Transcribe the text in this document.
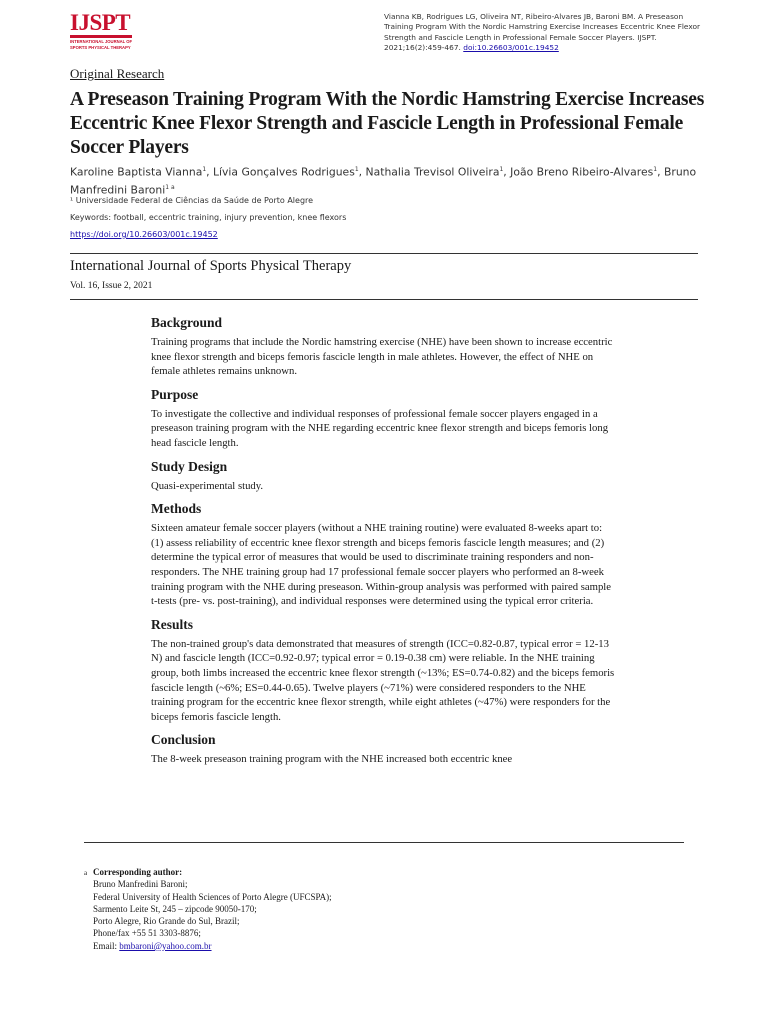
IJSPT
INTERNATIONAL JOURNAL OF
SPORTS PHYSICAL THERAPY
Vianna KB, Rodrigues LG, Oliveira NT, Ribeiro-Alvares JB, Baroni BM. A Preseason Training Program With the Nordic Hamstring Exercise Increases Eccentric Knee Flexor Strength and Fascicle Length in Professional Female Soccer Players. IJSPT. 2021;16(2):459-467. doi:10.26603/001c.19452
Original Research
A Preseason Training Program With the Nordic Hamstring Exercise Increases Eccentric Knee Flexor Strength and Fascicle Length in Professional Female Soccer Players
Karoline Baptista Vianna$^1$, Lívia Gonçalves Rodrigues$^1$, Nathalia Trevisol Oliveira$^1$, João Breno Ribeiro-Alvares$^1$, Bruno Manfredini Baroni$^{1 a}$
¹ Universidade Federal de Ciências da Saúde de Porto Alegre
Keywords: football, eccentric training, injury prevention, knee flexors
https://doi.org/10.26603/001c.19452
International Journal of Sports Physical Therapy
Vol. 16, Issue 2, 2021
Background

Training programs that include the Nordic hamstring exercise (NHE) have been shown to increase eccentric knee flexor strength and biceps femoris fascicle length in male athletes. However, the effect of NHE on female athletes remains unknown.

Purpose

To investigate the collective and individual responses of professional female soccer players engaged in a preseason training program with the NHE regarding eccentric knee flexor strength and biceps femoris long head fascicle length.

Study Design

Quasi-experimental study.

Methods

Sixteen amateur female soccer players (without a NHE training routine) were evaluated 8-weeks apart to: (1) assess reliability of eccentric knee flexor strength and biceps femoris fascicle length measures; and (2) determine the typical error of measures that would be used to discriminate training responders and non-responders. The NHE training group had 17 professional female soccer players who performed an 8-week training program with the NHE during preseason. Within-group analysis was performed with paired sample t-tests (pre- vs. post-training), and individual responses were determined using the typical error criteria.

Results

The non-trained group's data demonstrated that measures of strength (ICC=0.82-0.87, typical error = 12-13 N) and fascicle length (ICC=0.92-0.97; typical error = 0.19-0.38 cm) were reliable. In the NHE training group, both limbs increased the eccentric knee flexor strength (~13%; ES=0.74-0.82) and the biceps femoris fascicle length (~6%; ES=0.44-0.65). Twelve players (~71%) were considered responders to the NHE training program for the eccentric knee flexor strength, while eight athletes (~47%) were responders for the biceps femoris fascicle length.

Conclusion

The 8-week preseason training program with the NHE increased both eccentric knee

a Corresponding author:
Bruno Manfredini Baroni;
Federal University of Health Sciences of Porto Alegre (UFCSPA);
Sarmento Leite St, 245 – zipcode 90050-170;
Porto Alegre, Rio Grande do Sul, Brazil;
Phone/fax +55 51 3303-8876;
Email: bmbaroni@yahoo.com.br
